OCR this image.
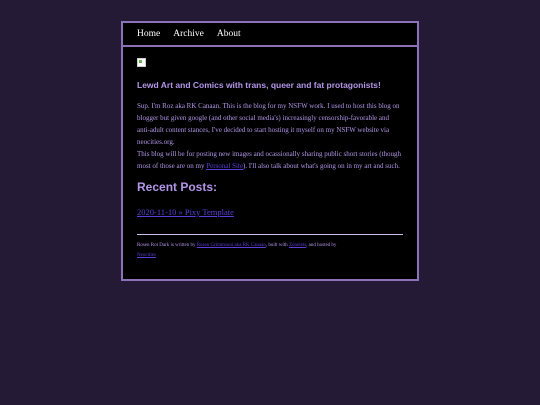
Home Archive About
Lewd Art and Comics with trans, queer and fat protagonists!

Sup. I'm Roz aka RK Canaan. This is the blog for my NSFW work. I used to host this blog on blogger but given google (and other social media's) increasingly censorship-favorable and anti-adult content stances, I've decided to start hosting it myself on my NSFW website via neocities.org.
This blog will be for posting new images and ocassionally sharing public short stories (though most of those are on my Personal Site). I'll also talk about what's going on in my art and such.

Recent Posts:
2020-11-10 » Pixy Template
Rosen Rot Dark is written by Rosen Grimmsoni aka RK Canaan, built with Zonelets, and hosted by
Neocities
